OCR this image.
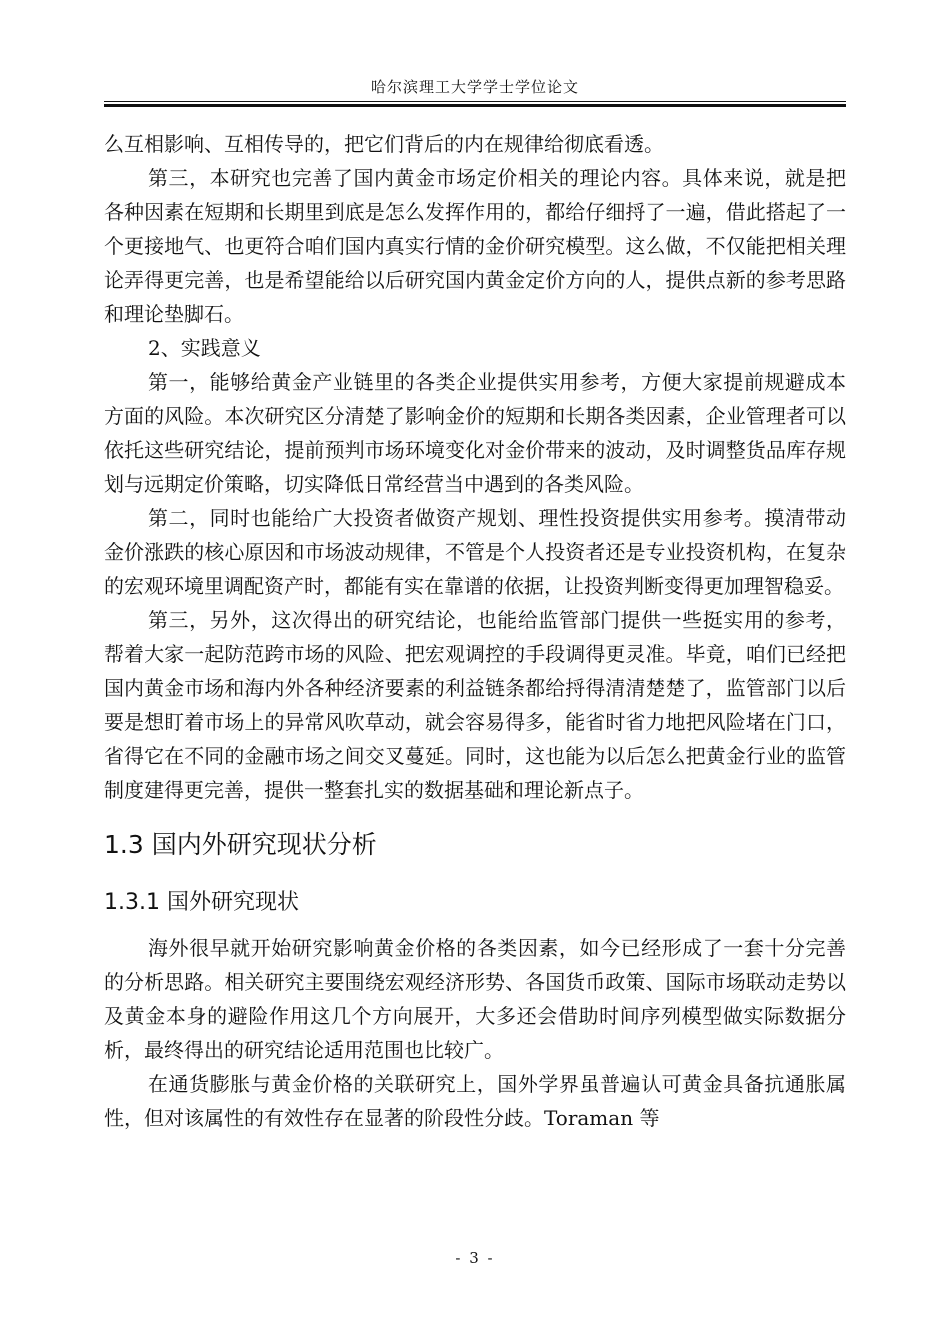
哈尔滨理工大学学士学位论文

么互相影响、互相传导的，把它们背后的内在规律给彻底看透。

第三，本研究也完善了国内黄金市场定价相关的理论内容。具体来说，就是把各种因素在短期和长期里到底是怎么发挥作用的，都给仔细捋了一遍，借此搭起了一个更接地气、也更符合咱们国内真实行情的金价研究模型。这么做，不仅能把相关理论弄得更完善，也是希望能给以后研究国内黄金定价方向的人，提供点新的参考思路和理论垫脚石。

2、实践意义

第一，能够给黄金产业链里的各类企业提供实用参考，方便大家提前规避成本方面的风险。本次研究区分清楚了影响金价的短期和长期各类因素，企业管理者可以依托这些研究结论，提前预判市场环境变化对金价带来的波动，及时调整货品库存规划与远期定价策略，切实降低日常经营当中遇到的各类风险。

第二，同时也能给广大投资者做资产规划、理性投资提供实用参考。摸清带动金价涨跌的核心原因和市场波动规律，不管是个人投资者还是专业投资机构，在复杂的宏观环境里调配资产时，都能有实在靠谱的依据，让投资判断变得更加理智稳妥。

第三，另外，这次得出的研究结论，也能给监管部门提供一些挺实用的参考，帮着大家一起防范跨市场的风险、把宏观调控的手段调得更灵准。毕竟，咱们已经把国内黄金市场和海内外各种经济要素的利益链条都给捋得清清楚楚了，监管部门以后要是想盯着市场上的异常风吹草动，就会容易得多，能省时省力地把风险堵在门口，省得它在不同的金融市场之间交叉蔓延。同时，这也能为以后怎么把黄金行业的监管制度建得更完善，提供一整套扎实的数据基础和理论新点子。

1.3 国内外研究现状分析
1.3.1 国外研究现状

海外很早就开始研究影响黄金价格的各类因素，如今已经形成了一套十分完善的分析思路。相关研究主要围绕宏观经济形势、各国货币政策、国际市场联动走势以及黄金本身的避险作用这几个方向展开，大多还会借助时间序列模型做实际数据分析，最终得出的研究结论适用范围也比较广。

在通货膨胀与黄金价格的关联研究上，国外学界虽普遍认可黄金具备抗通胀属性，但对该属性的有效性存在显著的阶段性分歧。Toraman 等

- 3 -
